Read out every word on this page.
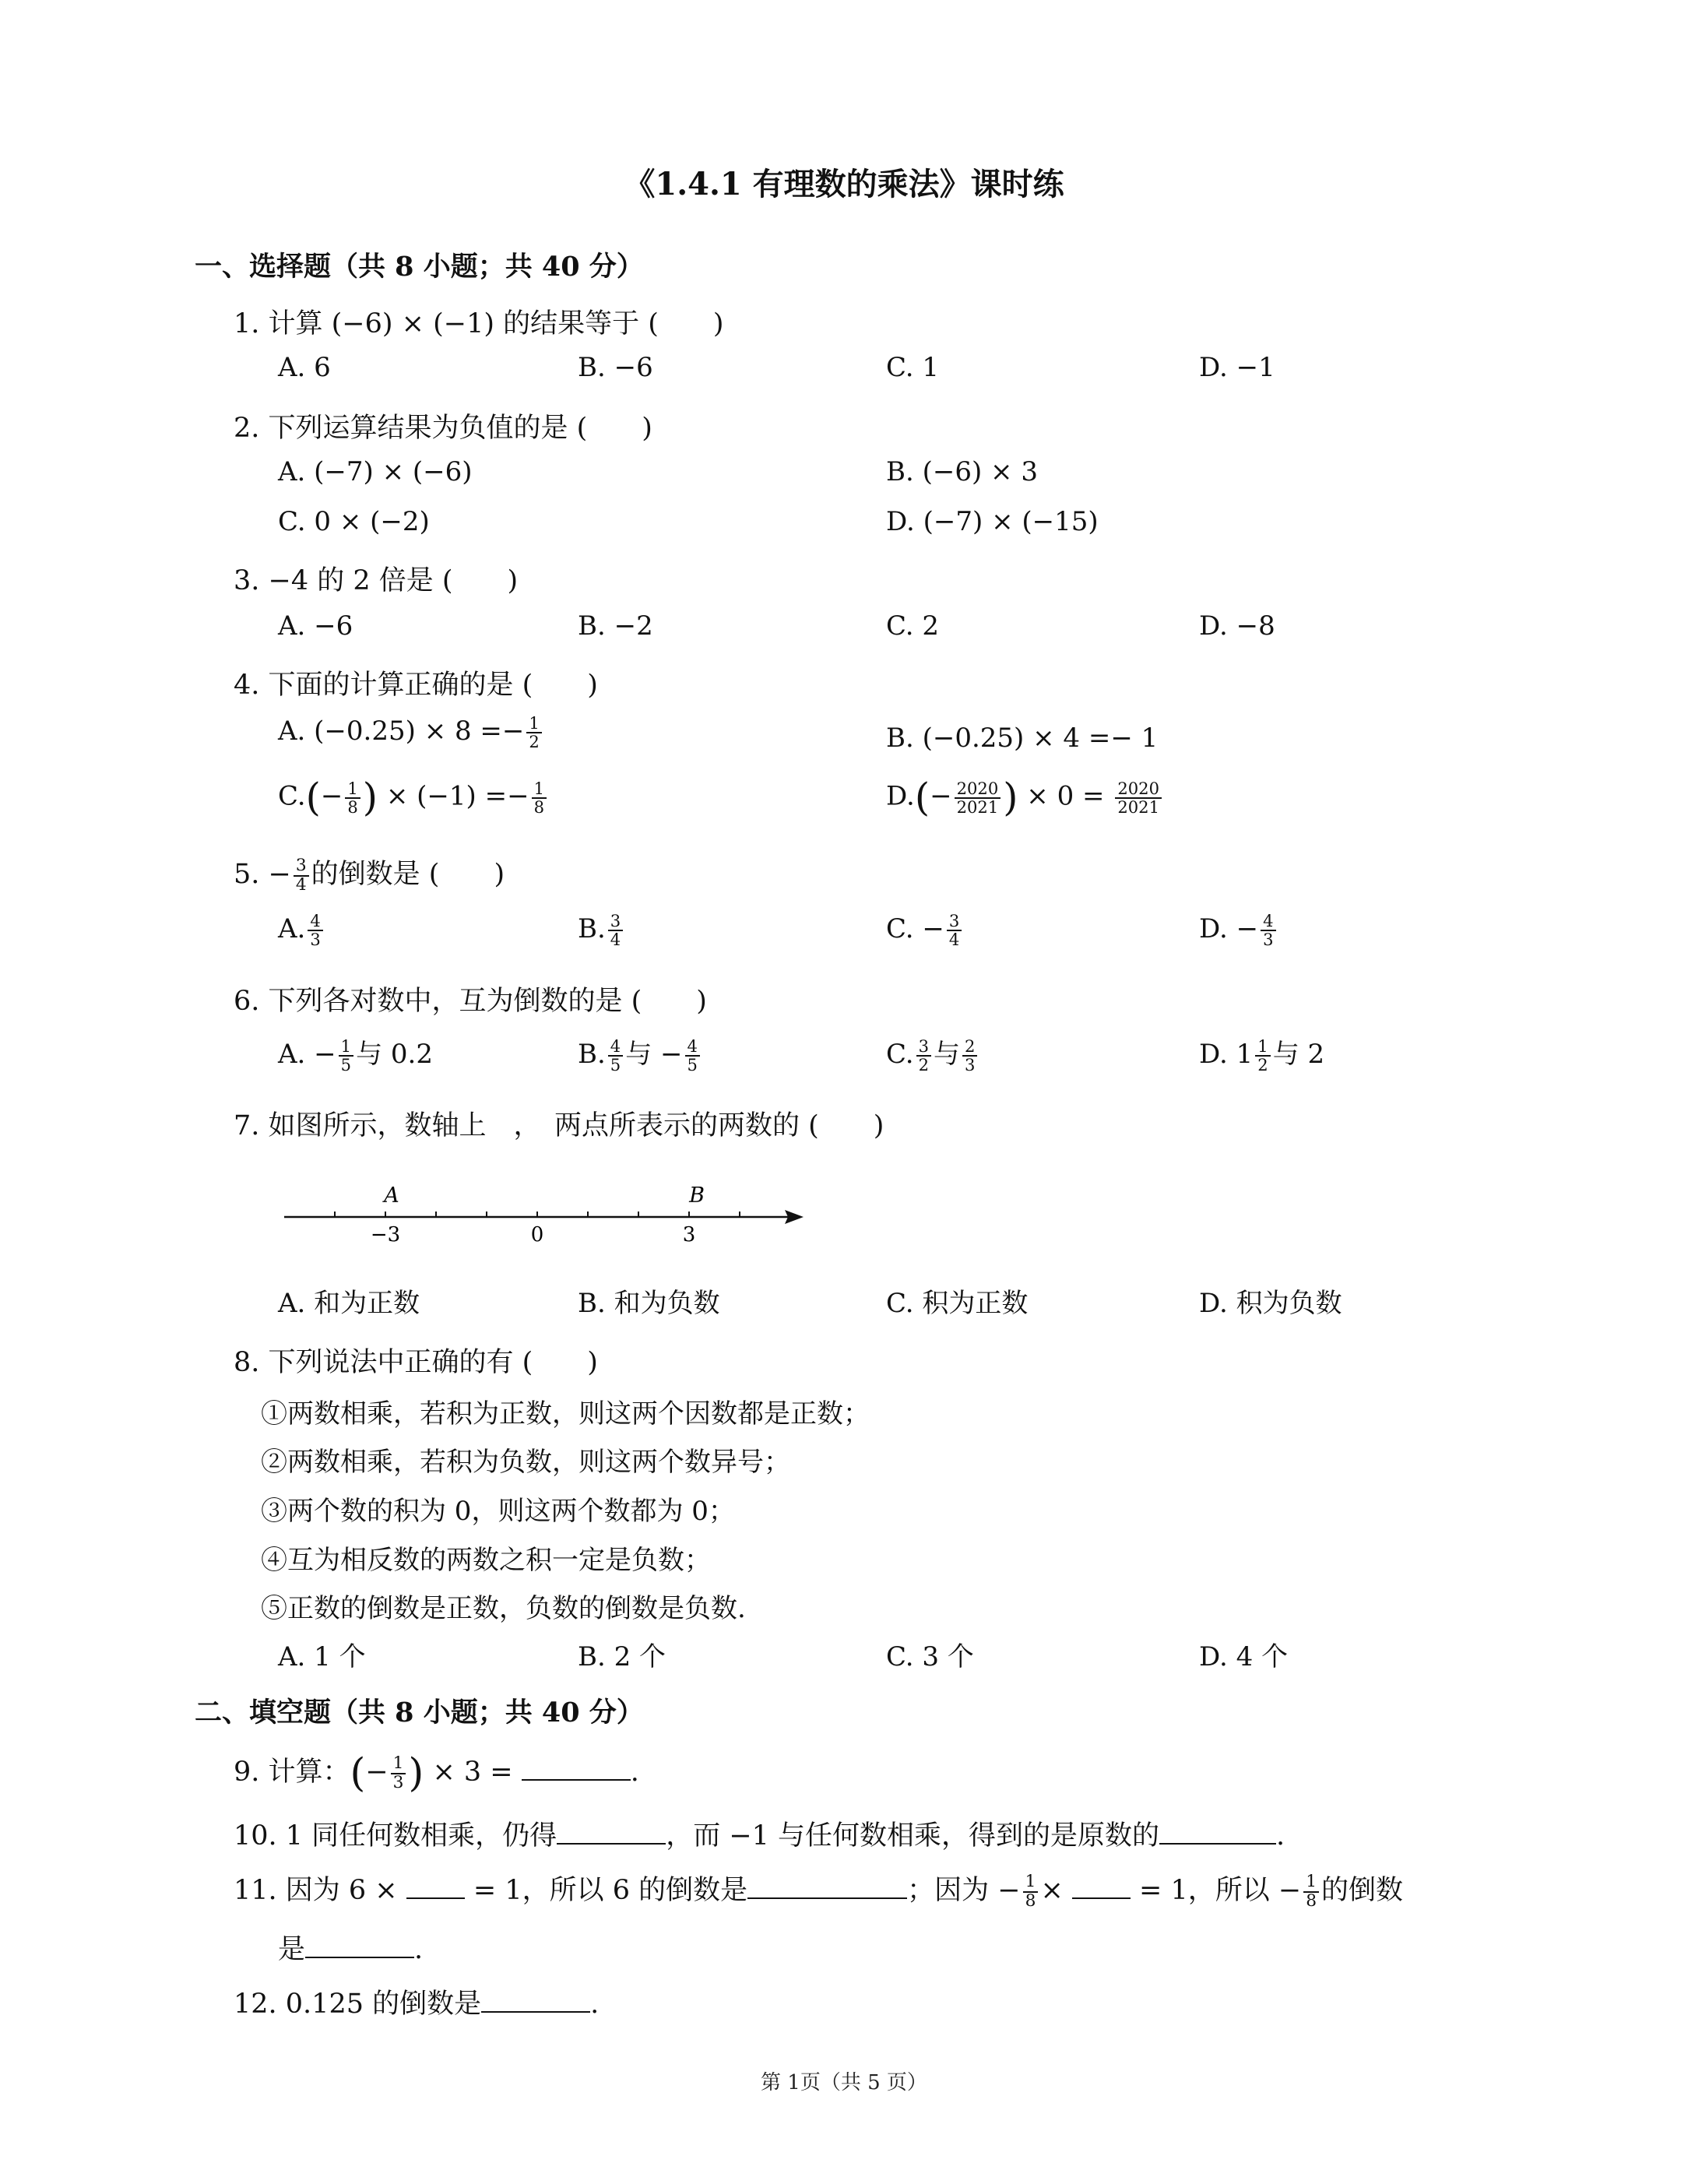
《1.4.1 有理数的乘法》课时练
一、选择题（共 8 小题；共 40 分）
1. 计算 (−6) × (−1) 的结果等于 (　　)
A. 6	B. −6	C. 1	D. −1
2. 下列运算结果为负值的是 (　　)
A. (−7) × (−6)	B. (−6) × 3
C. 0 × (−2)	D. (−7) × (−15)
3. −4 的 2 倍是 (　　)
A. −6	B. −2	C. 2	D. −8
4. 下面的计算正确的是 (　　)
A. $(-0.25) \times 8 =- \frac{1}{2}$	B. (−0.25) × 4 =− 1
$C.(- \frac{1}{8}$ ) × $(-1) =- \frac{1}{8}$	$D.(- \frac{2020}{2021}$ ) × $0 = \frac{2020}{2021}$
5. − $\frac{3}{4}$ 的倒数是 (　　)
A. $\frac{4}{3}$	B. $\frac{3}{4}$	C. − $\frac{3}{4}$	D. − $\frac{4}{3}$
6. 下列各对数中，互为倒数的是 (　　)
A. − $\frac{1}{5}$ 与 0.2	B. $\frac{4}{5}$ 与 − $\frac{4}{5}$	C. $\frac{3}{2}$ 与 $\frac{2}{3}$	D. $1 \frac{1}{2}$ 与 2
7. 如图所示，数轴上　，　两点所表示的两数的 (　　)
−3	0	3
A	B
A. 和为正数	B. 和为负数	C. 积为正数	D. 积为负数
8. 下列说法中正确的有 (　　)
①两数相乘，若积为正数，则这两个因数都是正数；
②两数相乘，若积为负数，则这两个数异号；
③两个数的积为 0，则这两个数都为 0；
④互为相反数的两数之积一定是负数；
⑤正数的倒数是正数，负数的倒数是负数.
A. 1 个	B. 2 个	C. 3 个	D. 4 个
二、填空题（共 8 小题；共 40 分）
9. 计算：(− $\frac{1}{3}$ ) × 3 =	.
10. 1 同任何数相乘，仍得	，而 −1 与任何数相乘，得到的是原数的	.
11. 因为 6 ×	= 1，所以 6 的倒数是	；因为 − $\frac{1}{8}$ ×	= 1，所以 − $\frac{1}{8}$ 的倒数
是	.
12. 0.125 的倒数是	.
第 1页（共 5 页）
